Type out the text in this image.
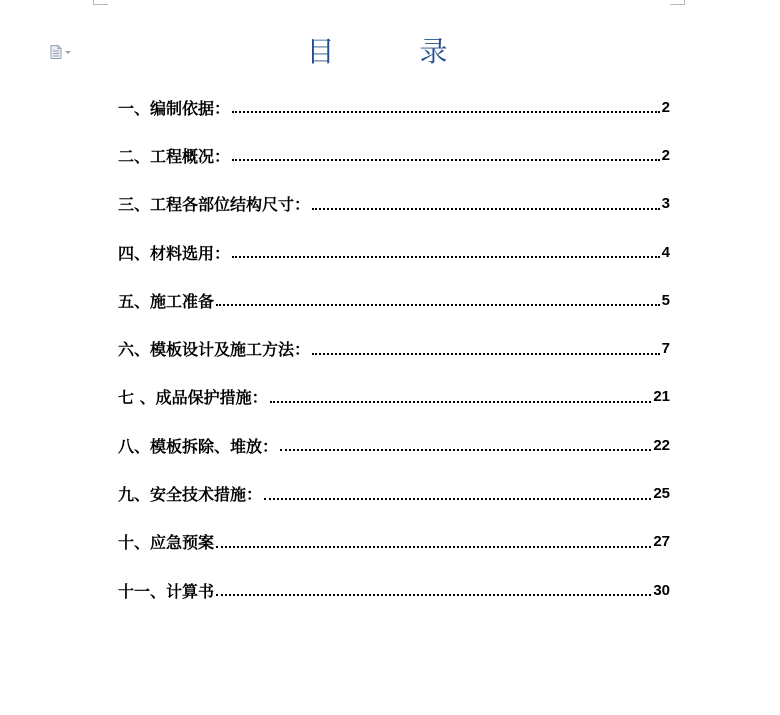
目 录
一、编制依据：	2
二、工程概况：	2
三、工程各部位结构尺寸：	3
四、材料选用：	4
五、施工准备	5
六、模板设计及施工方法：	7
七 、成品保护措施：	21
八、模板拆除、堆放：	22
九、安全技术措施：	25
十、应急预案	27
十一、计算书	30
